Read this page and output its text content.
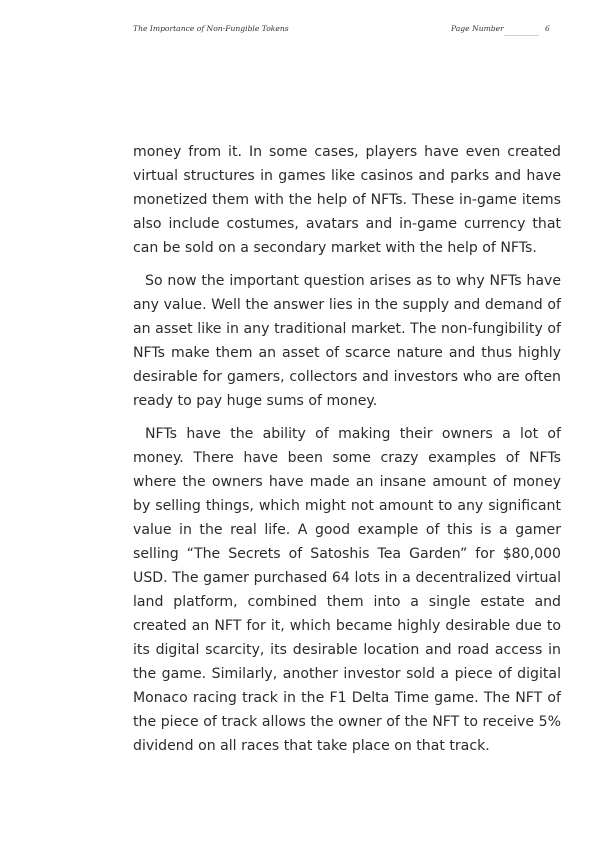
The Importance of Non-Fungible Tokens	Page Number	6

money from it. In some cases, players have even created virtual structures in games like casinos and parks and have monetized them with the help of NFTs. These in-game items also include costumes, avatars and in-game currency that can be sold on a secondary market with the help of NFTs.

So now the important question arises as to why NFTs have any value. Well the answer lies in the supply and demand of an asset like in any traditional market. The non-fungibility of NFTs make them an asset of scarce nature and thus highly desirable for gamers, collectors and investors who are often ready to pay huge sums of money.

NFTs have the ability of making their owners a lot of money. There have been some crazy examples of NFTs where the owners have made an insane amount of money by selling things, which might not amount to any significant value in the real life. A good example of this is a gamer selling “The Secrets of Satoshis Tea Garden” for $80,000 USD. The gamer purchased 64 lots in a decentralized virtual land platform, combined them into a single estate and created an NFT for it, which became highly desirable due to its digital scarcity, its desirable location and road access in the game. Similarly, another investor sold a piece of digital Monaco racing track in the F1 Delta Time game. The NFT of the piece of track allows the owner of the NFT to receive 5% dividend on all races that take place on that track.
